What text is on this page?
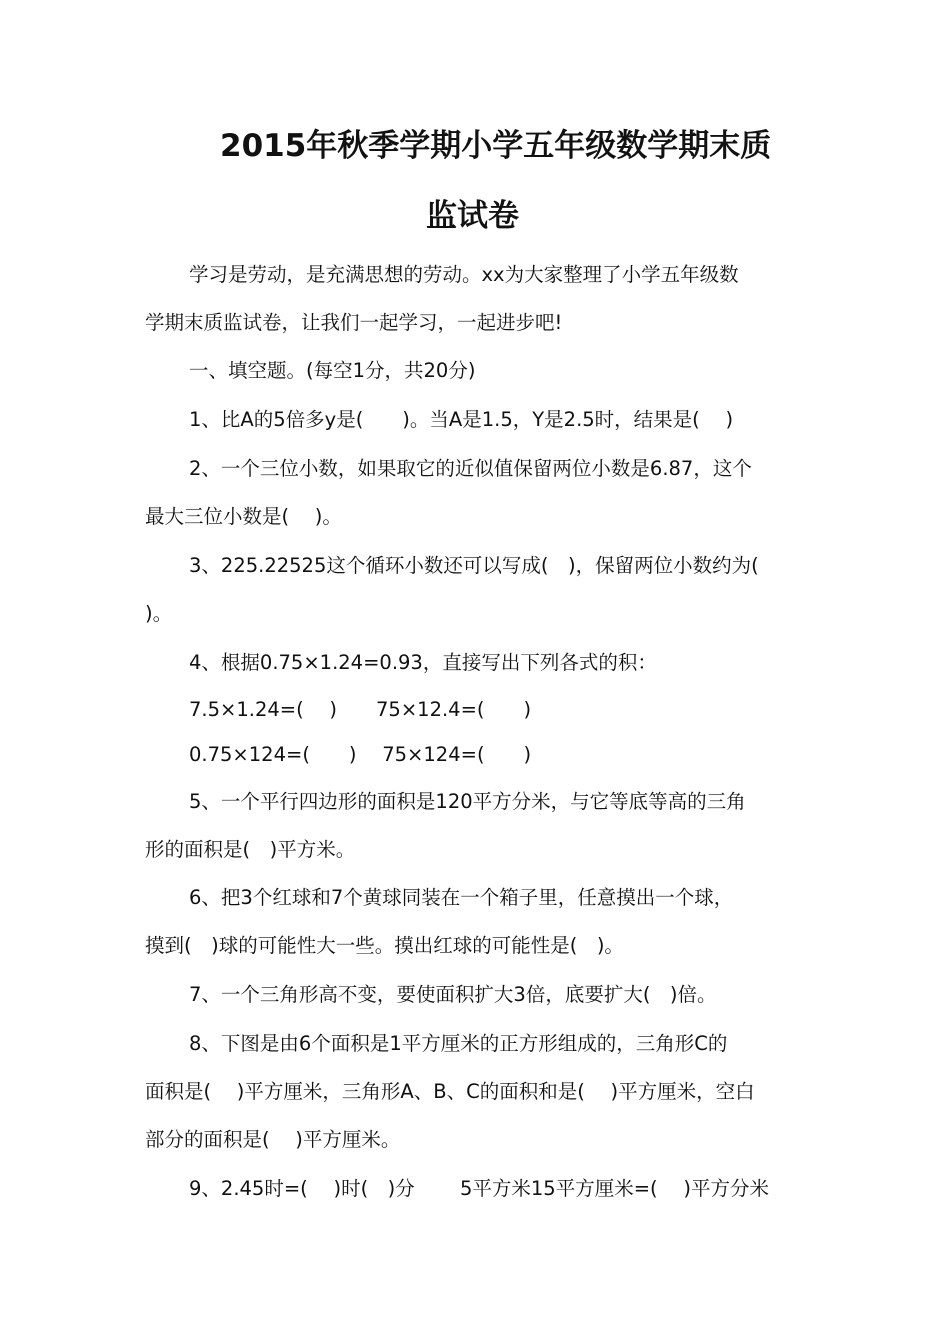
2015年秋季学期小学五年级数学期末质
监试卷
学习是劳动，是充满思想的劳动。xx为大家整理了小学五年级数
学期末质监试卷，让我们一起学习，一起进步吧!
一、填空题。(每空1分，共20分)
1、比A的5倍多y是(　　)。当A是1.5，Y是2.5时，结果是(　 )
2、一个三位小数，如果取它的近似值保留两位小数是6.87，这个
最大三位小数是(　 )。
3、225.22525这个循环小数还可以写成(　)，保留两位小数约为(
)。
4、根据0.75×1.24=0.93，直接写出下列各式的积：
7.5×1.24=(　 )　　75×12.4=(　　)
0.75×124=(　　)　 75×124=(　　)
5、一个平行四边形的面积是120平方分米，与它等底等高的三角
形的面积是(　)平方米。
6、把3个红球和7个黄球同装在一个箱子里，任意摸出一个球，
摸到(　)球的可能性大一些。摸出红球的可能性是(　)。
7、一个三角形高不变，要使面积扩大3倍，底要扩大(　)倍。
8、下图是由6个面积是1平方厘米的正方形组成的，三角形C的
面积是(　 )平方厘米，三角形A、B、C的面积和是(　 )平方厘米，空白
部分的面积是(　 )平方厘米。
9、2.45时=(　 )时(　)分　　 5平方米15平方厘米=(　 )平方分米
